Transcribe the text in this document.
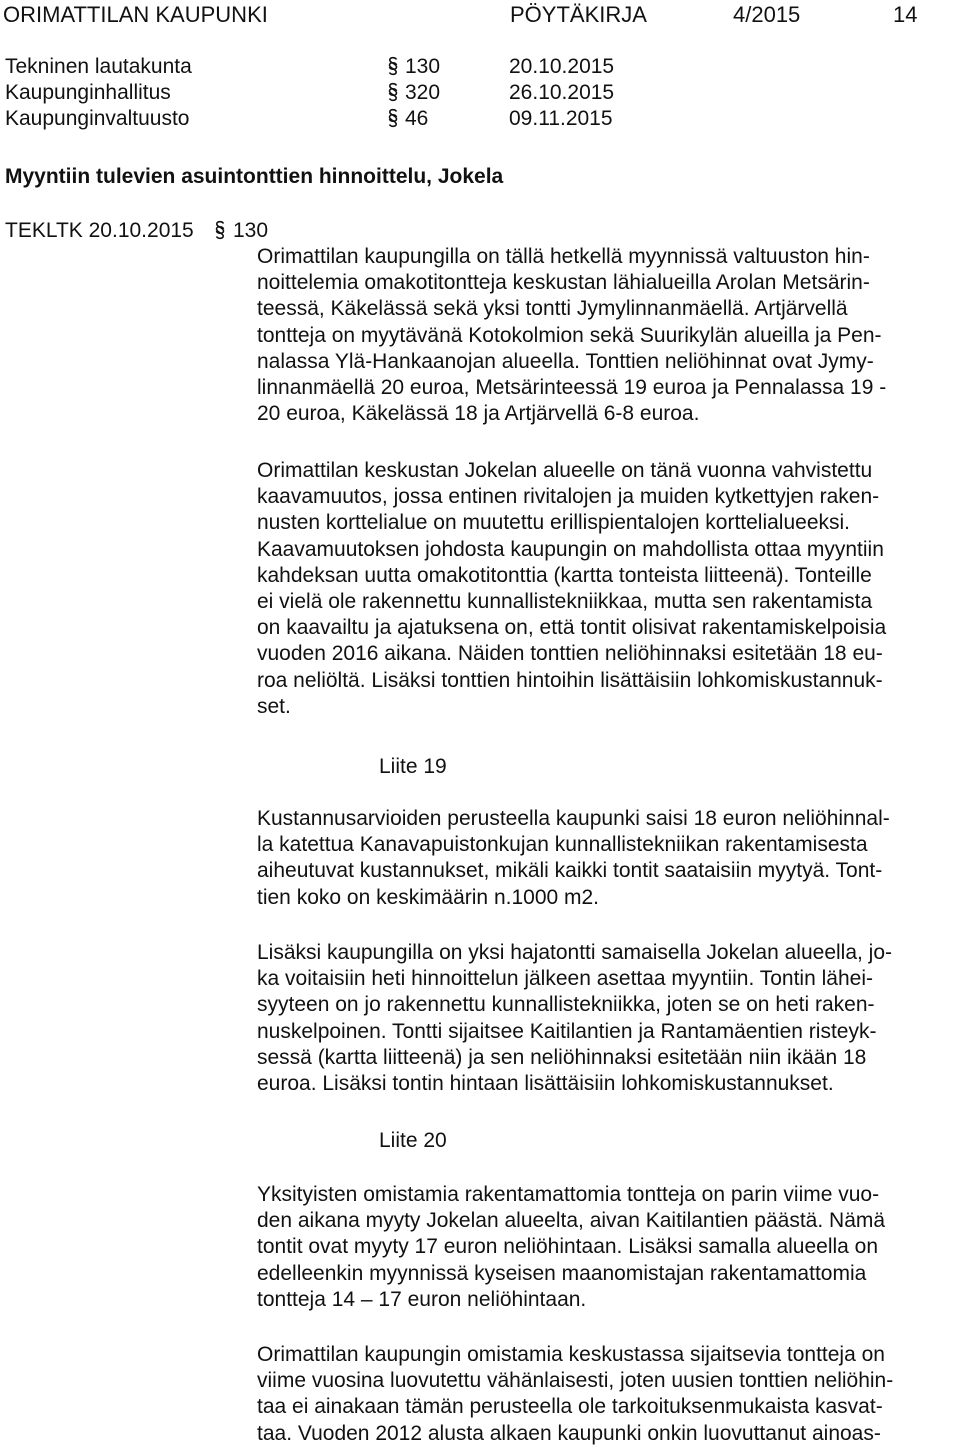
ORIMATTILAN KAUPUNKI	PÖYTÄKIRJA	4/2015	14
Tekninen lautakunta	130	20.10.2015
Kaupunginhallitus	320	26.10.2015
Kaupunginvaltuusto	46	09.11.2015
Myyntiin tulevien asuintonttien hinnoittelu, Jokela
TEKLTK 20.10.2015 130
Orimattilan kaupungilla on tällä hetkellä myynnissä valtuuston hin-
noittelemia omakotitontteja keskustan lähialueilla Arolan Metsärin-
teessä, Käkelässä sekä yksi tontti Jymylinnanmäellä. Artjärvellä
tontteja on myytävänä Kotokolmion sekä Suurikylän alueilla ja Pen-
nalassa Ylä-Hankaanojan alueella. Tonttien neliöhinnat ovat Jymy-
linnanmäellä 20 euroa, Metsärinteessä 19 euroa ja Pennalassa 19 -
20 euroa, Käkelässä 18 ja Artjärvellä 6-8 euroa.
Orimattilan keskustan Jokelan alueelle on tänä vuonna vahvistettu
kaavamuutos, jossa entinen rivitalojen ja muiden kytkettyjen raken-
nusten korttelialue on muutettu erillispientalojen korttelialueeksi.
Kaavamuutoksen johdosta kaupungin on mahdollista ottaa myyntiin
kahdeksan uutta omakotitonttia (kartta tonteista liitteenä). Tonteille
ei vielä ole rakennettu kunnallistekniikkaa, mutta sen rakentamista
on kaavailtu ja ajatuksena on, että tontit olisivat rakentamiskelpoisia
vuoden 2016 aikana. Näiden tonttien neliöhinnaksi esitetään 18 eu-
roa neliöltä. Lisäksi tonttien hintoihin lisättäisiin lohkomiskustannuk-
set.
Liite 19
Kustannusarvioiden perusteella kaupunki saisi 18 euron neliöhinnal-
la katettua Kanavapuistonkujan kunnallistekniikan rakentamisesta
aiheutuvat kustannukset, mikäli kaikki tontit saataisiin myytyä. Tont-
tien koko on keskimäärin n.1000 m2.
Lisäksi kaupungilla on yksi hajatontti samaisella Jokelan alueella, jo-
ka voitaisiin heti hinnoittelun jälkeen asettaa myyntiin. Tontin lähei-
syyteen on jo rakennettu kunnallistekniikka, joten se on heti raken-
nuskelpoinen. Tontti sijaitsee Kaitilantien ja Rantamäentien risteyk-
sessä (kartta liitteenä) ja sen neliöhinnaksi esitetään niin ikään 18
euroa. Lisäksi tontin hintaan lisättäisiin lohkomiskustannukset.
Liite 20
Yksityisten omistamia rakentamattomia tontteja on parin viime vuo-
den aikana myyty Jokelan alueelta, aivan Kaitilantien päästä. Nämä
tontit ovat myyty 17 euron neliöhintaan. Lisäksi samalla alueella on
edelleenkin myynnissä kyseisen maanomistajan rakentamattomia
tontteja 14 – 17 euron neliöhintaan.
Orimattilan kaupungin omistamia keskustassa sijaitsevia tontteja on
viime vuosina luovutettu vähänlaisesti, joten uusien tonttien neliöhin-
taa ei ainakaan tämän perusteella ole tarkoituksenmukaista kasvat-
taa. Vuoden 2012 alusta alkaen kaupunki onkin luovuttanut ainoas-
